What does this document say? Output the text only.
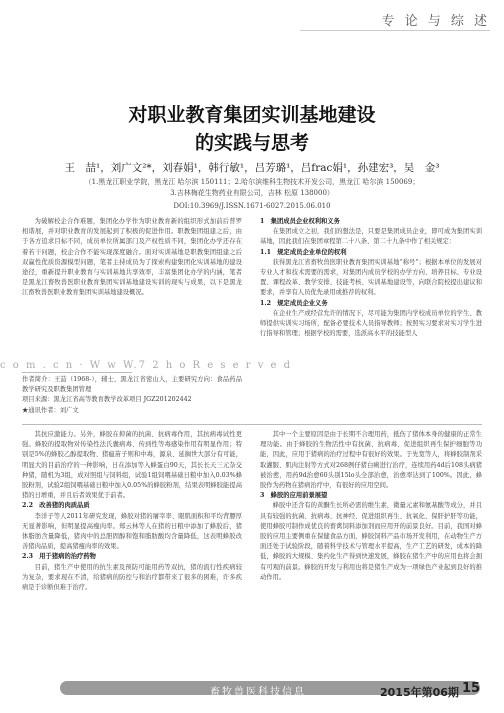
专 论 与 综 述
对职业教育集团实训基地建设
的实践与思考
王　喆¹，刘广文²*，刘春娟¹，韩行敏¹，吕芳璐¹，吕frac娟¹，孙建宏³，吴　金³
（1.黑龙江职业学院，黑龙江 哈尔滨 150111；2.哈尔滨维科生物技术开发公司，黑龙江 哈尔滨 150069；
3.吉林梅花生物药业有限公司，吉林 松原 138000）
DOI:10.3969/J.ISSN.1671-6027.2015.06.010
c o m . c n · W w W.7 2 h o R e s e r v e d

为破解校企合作难题，集团化办学作为职业教育新的组织形式加前后普罗相谐展，并对职业教育的发展起到了积极的促进作用。职教集团组建之后，由于各方追求目标不同，成员单位所属部门及产权性质不同，集团化办学还存在着若干问题，校企合作不能实现深度融合。面对实训基地是职教集团组建之后双赢性优质资源模型问题，笔者主持成员为了探索构建集团化实训基地的建设途径，重新提升职业教育与实训基地共享效率，丰富集团化办学的内涵，笔者是黑龙江畜牧兽医职业教育集团实训基地建设实训的现实与成果，以下是黑龙江畜牧兽医职业教育集团实训基地建设概况。

作者简介：王喆（1968-），辅士，黑龙江省密山人，主要研究方向：食品药品教学研究及职教集团管理

项目来源：黑龙江省高等教育教学改革项目 JGZ201202442

★通讯作者：刘广文

1　集团成员企业权利和义务

在集团成立之初，我们的想法是，只要是集团成员企业，即可成为集团实训基地，因此我们在集团章程第二十八条、第二十九条中作了相关规定：

1.1　规定成员企业单位的权利

获得黑龙江省畜牧兽医职业教育集团实训基地“称号”；根据本单位的发展对专业人才和技术需要的需求，对集团内成员学校的办学方向、培养目标、专业设置、课程改革、教学安排、技能考核、实训基地建设等，向联合院校提出建议和要求，并享有人员优先录用或推荐的权利。

1.2　规定成员企业义务

在企业生产或经营允许的情况下，尽可能为集团内学校成员单位的学生、教师提供实训实习场所，配备必要技术人员指导教师；按照实习要求对实习学生进行指导和管理；根据学校的需要，选派高水平的技能型人

其抗应激能力。另外，蜂胶在抑菌的抗菌、抗病毒作用，其抗病毒试性更强。蜂胶的提取物对传染性法氏囊病毒、传到性等毒感染作用有明显作用；特别是5%的蜂胶乙醇提取物、猪瘟苗子则和中毒，源泉、延搁世大部分有可能，明显大的目前治疗的一种影响，日在添加等入蜂蛋白90天，其长长天三元杂交种猪，随机为3组，成对照组与饲料组，试验1组饲喂基础日粮中加入0.03%蜂胶粉剂，试验2组饲喂基础日粮中加入0.05%的蜂胶粉剂，结果表明蜂胶能提高猪的日增重，并且后者效果优于前者。

2.2　改善猪的肉质品质

李洋子等人2011年研究发现，蜂胶对猪的屠宰率、眼肌面积和平均背膘厚无显著影响，但明显提高瘦肉率。郑云林等人在猪的日粮中添加了蜂胶后，猪体脂肪含量降低，猪肉中的总胆固醇和饱和脂肪酸均含量降低，这表明蜂胶改善猪肉品质，提高猪瘦肉率的效果。

2.3　用于猪病的治疗药物

目前，猪生产中使用的抗生素及预防可能用药等双抗，猪的流行性疾病较为复杂，要求现在不清，给猪病的防控与和治疗都带来了很多的困难，许多疾病是于诊断但难于治疗。

其中一个主要原因是由于长期不合理用药，抵伤了猪体本身的健康的正常生理功能。由于蜂胶的生物活性中有抗菌、抗病毒、促进组织再生保护细胞等功能，因此，应用于猪病的治疗过程中有很好的效果。于先宽等人，将蜂胶制剂采取灌服、肌肉注射等方式对268例仔猪白痢进行治疗，连续用药4d后108头病猪被治愈，用药9d治愈60头别15lo头全部治愈，治愈率达到了100%。因此，蜂胶作为药物在猪病治疗中，有很好的应用空间。

3　蜂胶的应用前景展望

蜂胶中还含有的黄酮生长所必需的维生素，微量元素和氨基酸等成分，并且具有较强的抗菌、抗病毒、抗神经、促进组织再生、抗氧化、保肝护肝等功能，使用蜂胶可制作成优良的畜禽饲料添加剂而应用开的前景良好。目前，我国对蜂胶的应用主要侧重在保健食品方面，蜂胶饲料产品市场开发利用，在动物生产方面还处于试验阶段，随着科学技术与管理水平提高，生产工艺的研发，成本的降低，蜂胶的大规模、集约化生产得到快速发展，蜂胶在猪生产中的应用也将会拥有可观的前景。蜂胶的开发与利用也将是猪生产成为一项绿色产业起到良好的推动作用。

畜牧兽医科技信息	2015年第06期 15
